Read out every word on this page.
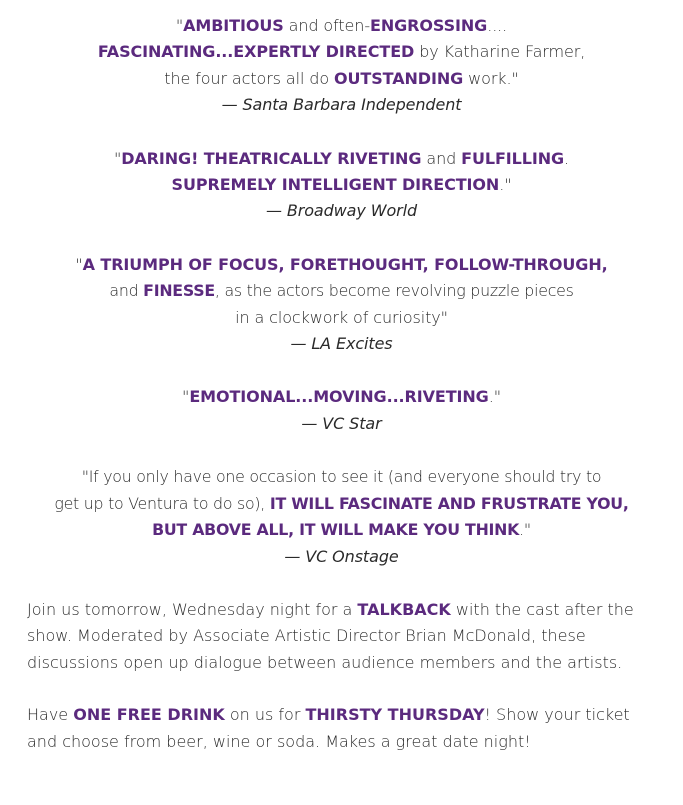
"AMBITIOUS and often-ENGROSSING....
FASCINATING...EXPERTLY DIRECTED by Katharine Farmer,
the four actors all do OUTSTANDING work."
— Santa Barbara Independent
"DARING! THEATRICALLY RIVETING and FULFILLING.
SUPREMELY INTELLIGENT DIRECTION."
— Broadway World
"A TRIUMPH OF FOCUS, FORETHOUGHT, FOLLOW-THROUGH,
and FINESSE, as the actors become revolving puzzle pieces
in a clockwork of curiosity"
— LA Excites
"EMOTIONAL...MOVING...RIVETING."
— VC Star
"If you only have one occasion to see it (and everyone should try to
get up to Ventura to do so), IT WILL FASCINATE AND FRUSTRATE YOU,
BUT ABOVE ALL, IT WILL MAKE YOU THINK."
— VC Onstage

Join us tomorrow, Wednesday night for a TALKBACK with the cast after the show. Moderated by Associate Artistic Director Brian McDonald, these discussions open up dialogue between audience members and the artists.

Have ONE FREE DRINK on us for THIRSTY THURSDAY! Show your ticket and choose from beer, wine or soda. Makes a great date night!
